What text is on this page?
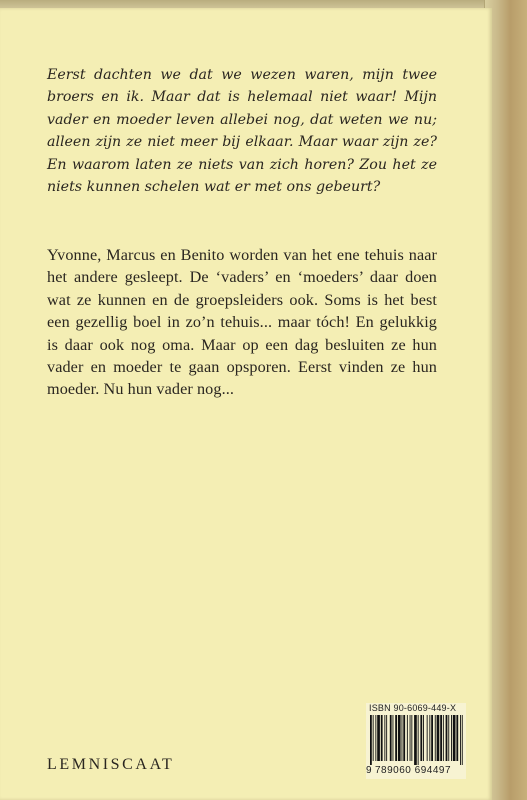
Eerst dachten we dat we wezen waren, mijn twee broers en ik. Maar dat is helemaal niet waar! Mijn vader en moeder leven allebei nog, dat weten we nu; alleen zijn ze niet meer bij elkaar. Maar waar zijn ze? En waarom laten ze niets van zich horen? Zou het ze niets kunnen schelen wat er met ons gebeurt?

Yvonne, Marcus en Benito worden van het ene tehuis naar het andere gesleept. De ‘vaders’ en ‘moeders’ daar doen wat ze kunnen en de groepsleiders ook. Soms is het best een gezellig boel in zo’n tehuis... maar tóch! En gelukkig is daar ook nog oma. Maar op een dag besluiten ze hun vader en moeder te gaan opsporen. Eerst vinden ze hun moeder. Nu hun vader nog...

LEMNISCAAT
ISBN 90-6069-449-X
9 789060 694497
